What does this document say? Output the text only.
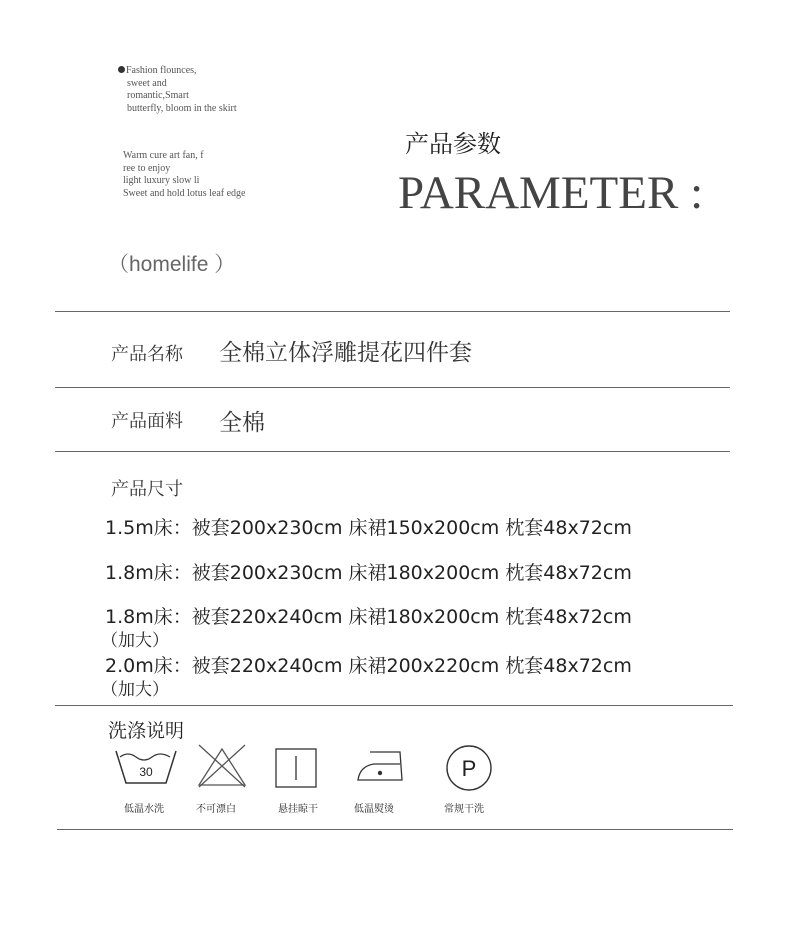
Fashion flounces,
sweet and
romantic,Smart
butterfly, bloom in the skirt
Warm cure art fan, f
ree to enjoy
light luxury slow li
Sweet and hold lotus leaf edge
（homelife ）
产品参数
PARAMETER :
产品名称 全棉立体浮雕提花四件套
产品面料 全棉
产品尺寸
1.5m床：被套200x230cm 床裙150x200cm 枕套48x72cm
1.8m床：被套200x230cm 床裙180x200cm 枕套48x72cm
1.8m床：被套220x240cm 床裙180x200cm 枕套48x72cm
（加大）
2.0m床：被套220x240cm 床裙200x220cm 枕套48x72cm
（加大）
洗涤说明
30
低温水洗	不可漂白	悬挂晾干	低温熨烫
P
常规干洗
